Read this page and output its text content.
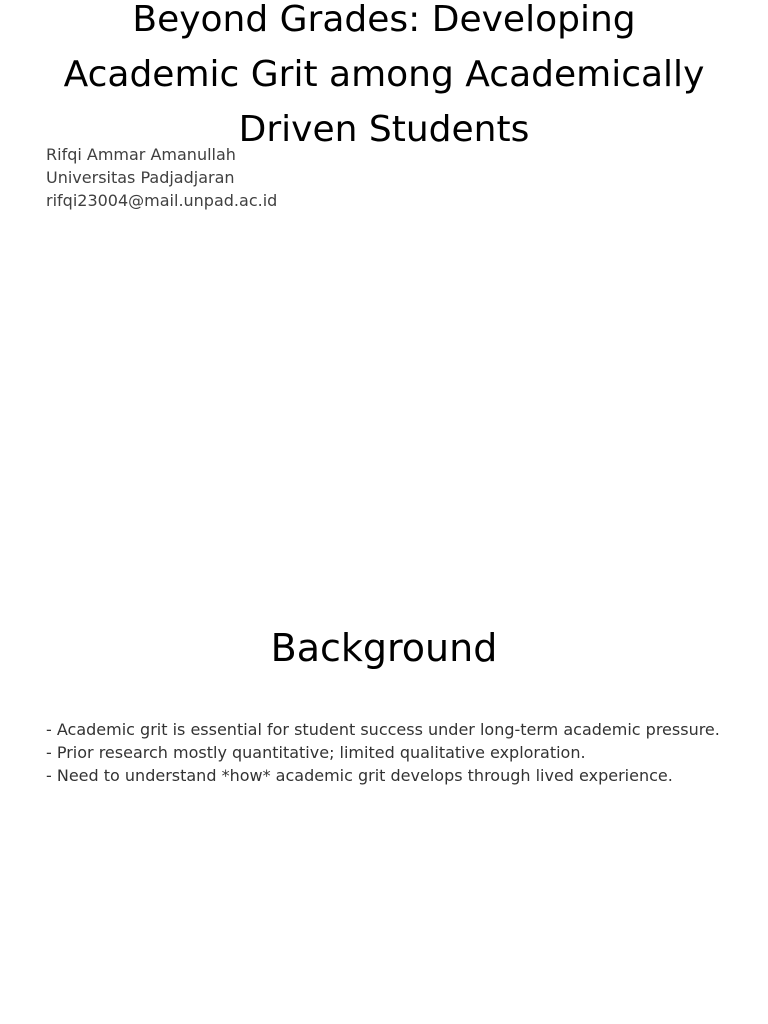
Beyond Grades: Developing Academic Grit among Academically Driven Students
Rifqi Ammar Amanullah
Universitas Padjadjaran
rifqi23004@mail.unpad.ac.id
Background
- Academic grit is essential for student success under long-term academic pressure.
- Prior research mostly quantitative; limited qualitative exploration.
- Need to understand *how* academic grit develops through lived experience.
